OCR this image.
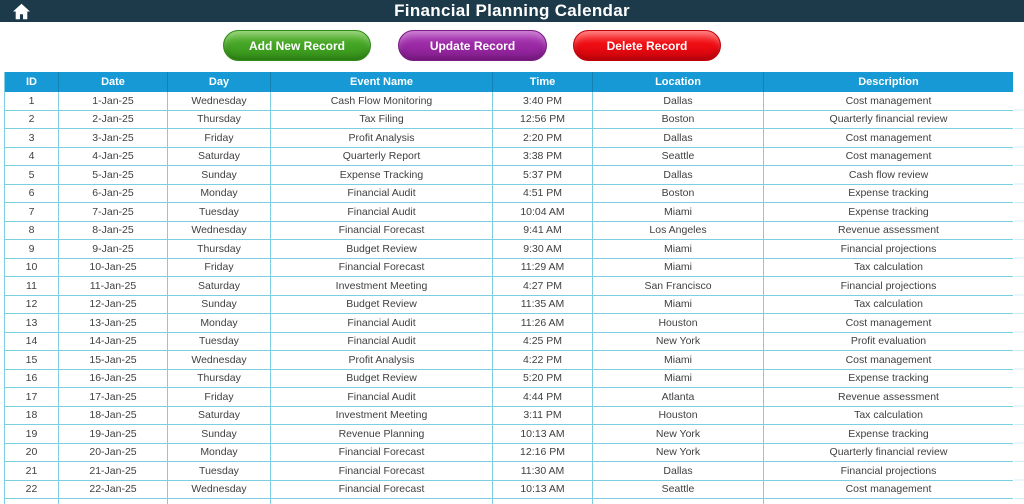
Financial Planning Calendar
Add New Record	Update Record	Delete Record
ID	Date	Day	Event Name	Time	Location	Description
1	1-Jan-25	Wednesday	Cash Flow Monitoring	3:40 PM	Dallas	Cost management
2	2-Jan-25	Thursday	Tax Filing	12:56 PM	Boston	Quarterly financial review
3	3-Jan-25	Friday	Profit Analysis	2:20 PM	Dallas	Cost management
4	4-Jan-25	Saturday	Quarterly Report	3:38 PM	Seattle	Cost management
5	5-Jan-25	Sunday	Expense Tracking	5:37 PM	Dallas	Cash flow review
6	6-Jan-25	Monday	Financial Audit	4:51 PM	Boston	Expense tracking
7	7-Jan-25	Tuesday	Financial Audit	10:04 AM	Miami	Expense tracking
8	8-Jan-25	Wednesday	Financial Forecast	9:41 AM	Los Angeles	Revenue assessment
9	9-Jan-25	Thursday	Budget Review	9:30 AM	Miami	Financial projections
10	10-Jan-25	Friday	Financial Forecast	11:29 AM	Miami	Tax calculation
11	11-Jan-25	Saturday	Investment Meeting	4:27 PM	San Francisco	Financial projections
12	12-Jan-25	Sunday	Budget Review	11:35 AM	Miami	Tax calculation
13	13-Jan-25	Monday	Financial Audit	11:26 AM	Houston	Cost management
14	14-Jan-25	Tuesday	Financial Audit	4:25 PM	New York	Profit evaluation
15	15-Jan-25	Wednesday	Profit Analysis	4:22 PM	Miami	Cost management
16	16-Jan-25	Thursday	Budget Review	5:20 PM	Miami	Expense tracking
17	17-Jan-25	Friday	Financial Audit	4:44 PM	Atlanta	Revenue assessment
18	18-Jan-25	Saturday	Investment Meeting	3:11 PM	Houston	Tax calculation
19	19-Jan-25	Sunday	Revenue Planning	10:13 AM	New York	Expense tracking
20	20-Jan-25	Monday	Financial Forecast	12:16 PM	New York	Quarterly financial review
21	21-Jan-25	Tuesday	Financial Forecast	11:30 AM	Dallas	Financial projections
22	22-Jan-25	Wednesday	Financial Forecast	10:13 AM	Seattle	Cost management
